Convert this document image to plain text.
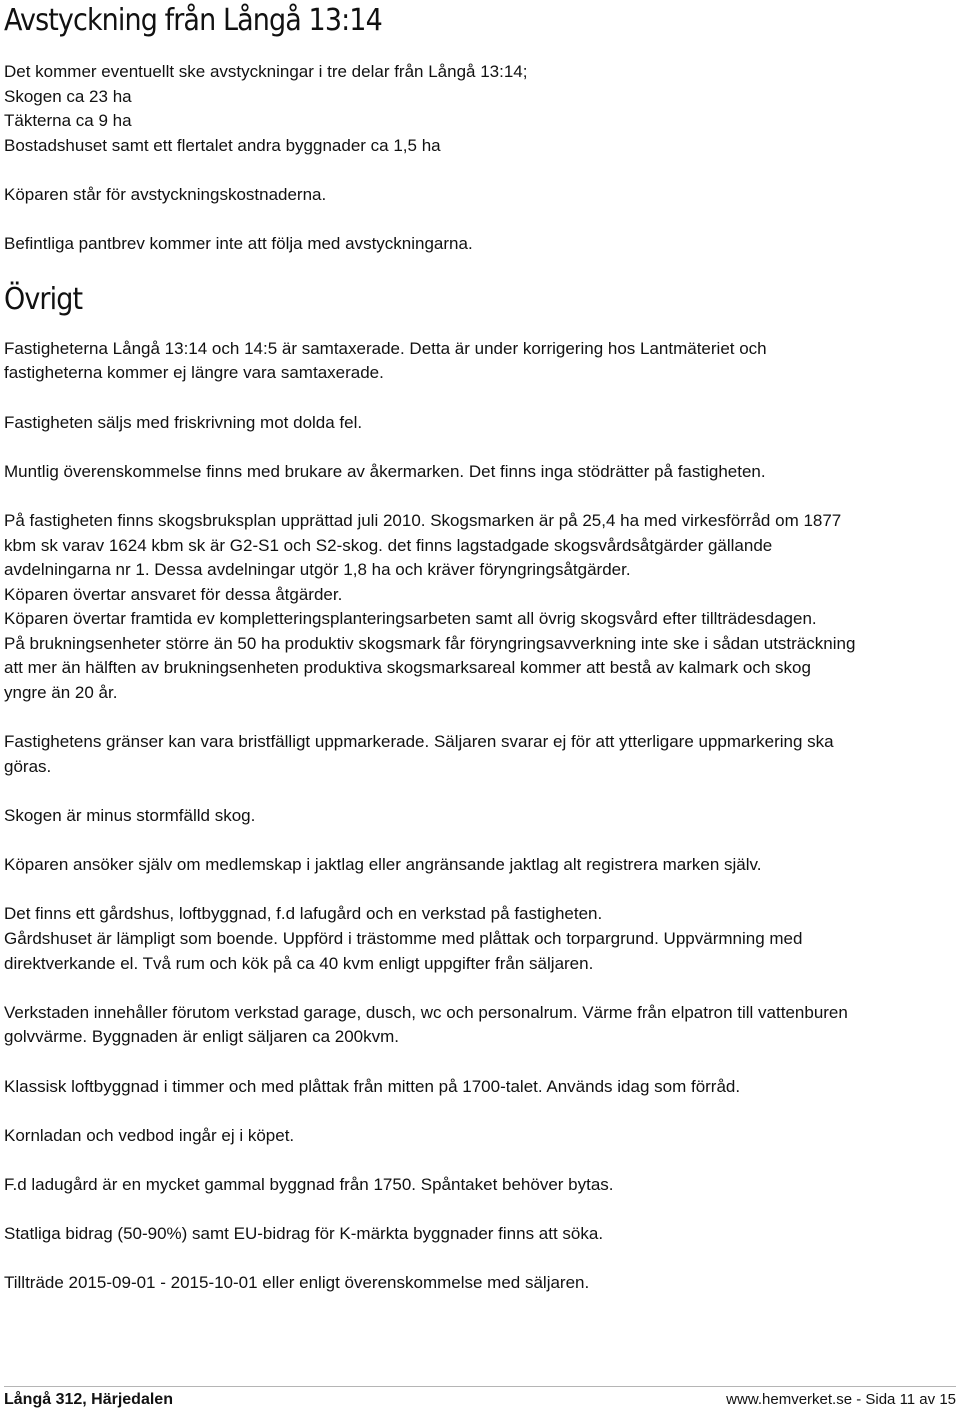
Avstyckning från Långå 13:14

Det kommer eventuellt ske avstyckningar i tre delar från Långå 13:14;
Skogen ca 23 ha
Täkterna ca 9 ha
Bostadshuset samt ett flertalet andra byggnader ca 1,5 ha

Köparen står för avstyckningskostnaderna.

Befintliga pantbrev kommer inte att följa med avstyckningarna.

Övrigt

Fastigheterna Långå 13:14 och 14:5 är samtaxerade. Detta är under korrigering hos Lantmäteriet och
fastigheterna kommer ej längre vara samtaxerade.

Fastigheten säljs med friskrivning mot dolda fel.

Muntlig överenskommelse finns med brukare av åkermarken. Det finns inga stödrätter på fastigheten.

På fastigheten finns skogsbruksplan upprättad juli 2010. Skogsmarken är på 25,4 ha med virkesförråd om 1877
kbm sk varav 1624 kbm sk är G2-S1 och S2-skog. det finns lagstadgade skogsvårdsåtgärder gällande
avdelningarna nr 1. Dessa avdelningar utgör 1,8 ha och kräver föryngringsåtgärder.
Köparen övertar ansvaret för dessa åtgärder.
Köparen övertar framtida ev kompletteringsplanteringsarbeten samt all övrig skogsvård efter tillträdesdagen.
På brukningsenheter större än 50 ha produktiv skogsmark får föryngringsavverkning inte ske i sådan utsträckning
att mer än hälften av brukningsenheten produktiva skogsmarksareal kommer att bestå av kalmark och skog
yngre än 20 år.

Fastighetens gränser kan vara bristfälligt uppmarkerade. Säljaren svarar ej för att ytterligare uppmarkering ska
göras.

Skogen är minus stormfälld skog.

Köparen ansöker själv om medlemskap i jaktlag eller angränsande jaktlag alt registrera marken själv.

Det finns ett gårdshus, loftbyggnad, f.d lafugård och en verkstad på fastigheten.
Gårdshuset är lämpligt som boende. Uppförd i trästomme med plåttak och torpargrund. Uppvärmning med
direktverkande el. Två rum och kök på ca 40 kvm enligt uppgifter från säljaren.

Verkstaden innehåller förutom verkstad garage, dusch, wc och personalrum. Värme från elpatron till vattenburen
golvvärme. Byggnaden är enligt säljaren ca 200kvm.

Klassisk loftbyggnad i timmer och med plåttak från mitten på 1700-talet. Används idag som förråd.

Kornladan och vedbod ingår ej i köpet.

F.d ladugård är en mycket gammal byggnad från 1750. Spåntaket behöver bytas.

Statliga bidrag (50-90%) samt EU-bidrag för K-märkta byggnader finns att söka.

Tillträde 2015-09-01 - 2015-10-01 eller enligt överenskommelse med säljaren.

Långå 312, Härjedalen	www.hemverket.se - Sida 11 av 15
